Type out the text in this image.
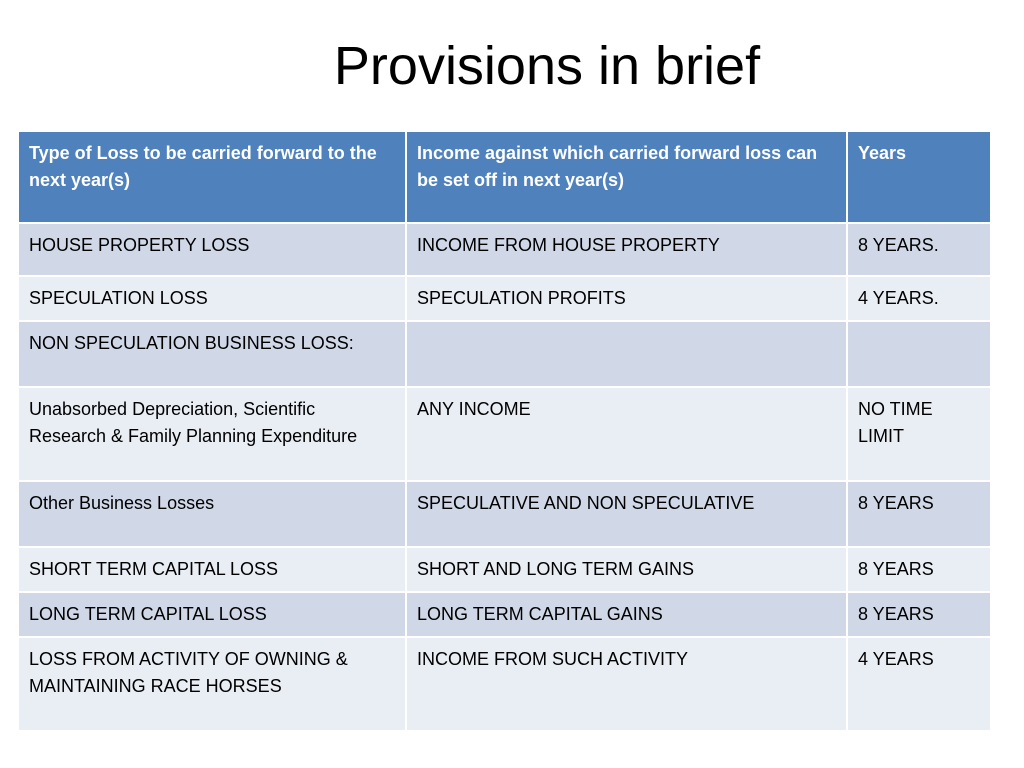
Provisions in brief
Type of Loss to be carried forward to the next year(s)	Income against which carried forward loss can be set off in next year(s)	Years
HOUSE PROPERTY LOSS	INCOME FROM HOUSE PROPERTY	8 YEARS.
SPECULATION LOSS	SPECULATION PROFITS	4 YEARS.
NON SPECULATION BUSINESS LOSS:		
Unabsorbed Depreciation, Scientific Research & Family Planning Expenditure	ANY INCOME	NO TIME LIMIT
Other Business Losses	SPECULATIVE AND NON SPECULATIVE	8 YEARS
SHORT TERM CAPITAL LOSS	SHORT AND LONG TERM GAINS	8 YEARS
LONG TERM CAPITAL LOSS	LONG TERM CAPITAL GAINS	8 YEARS
LOSS FROM ACTIVITY OF OWNING & MAINTAINING RACE HORSES	INCOME FROM SUCH ACTIVITY	4 YEARS
